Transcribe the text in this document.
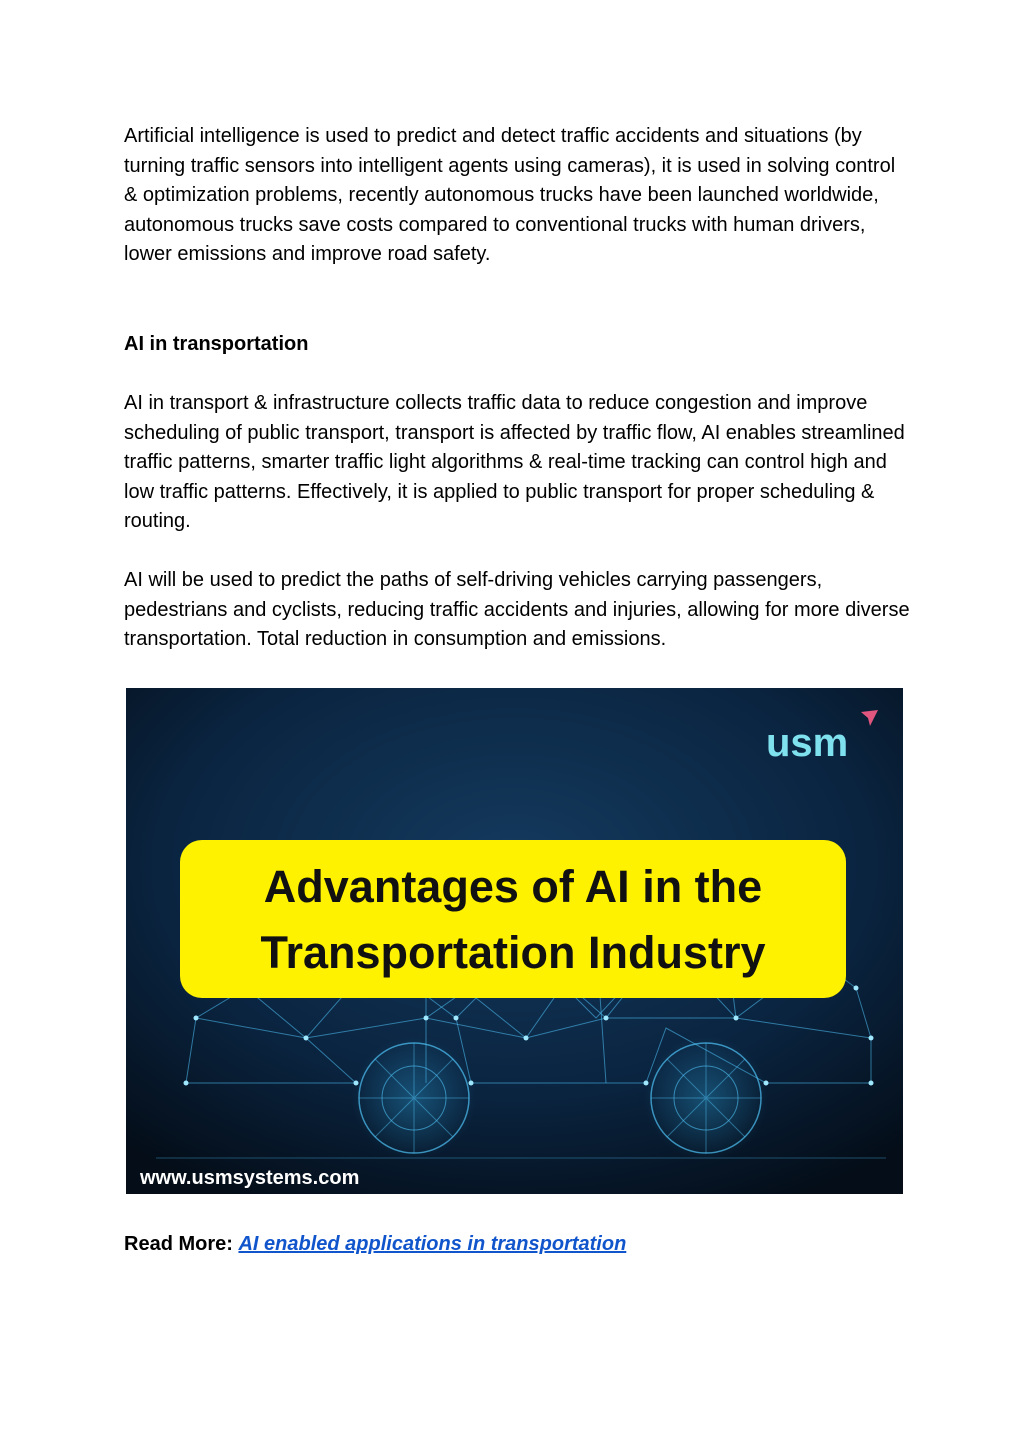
Artificial intelligence is used to predict and detect traffic accidents and situations (by turning traffic sensors into intelligent agents using cameras), it is used in solving control & optimization problems, recently autonomous trucks have been launched worldwide, autonomous trucks save costs compared to conventional trucks with human drivers, lower emissions and improve road safety.

AI in transportation

AI in transport & infrastructure collects traffic data to reduce congestion and improve scheduling of public transport, transport is affected by traffic flow, AI enables streamlined traffic patterns, smarter traffic light algorithms & real-time tracking can control high and low traffic patterns. Effectively, it is applied to public transport for proper scheduling & routing.

AI will be used to predict the paths of self-driving vehicles carrying passengers, pedestrians and cyclists, reducing traffic accidents and injuries, allowing for more diverse transportation. Total reduction in consumption and emissions.

usm
Advantages of AI in the
Transportation Industry
www.usmsystems.com

Read More: AI enabled applications in transportation
